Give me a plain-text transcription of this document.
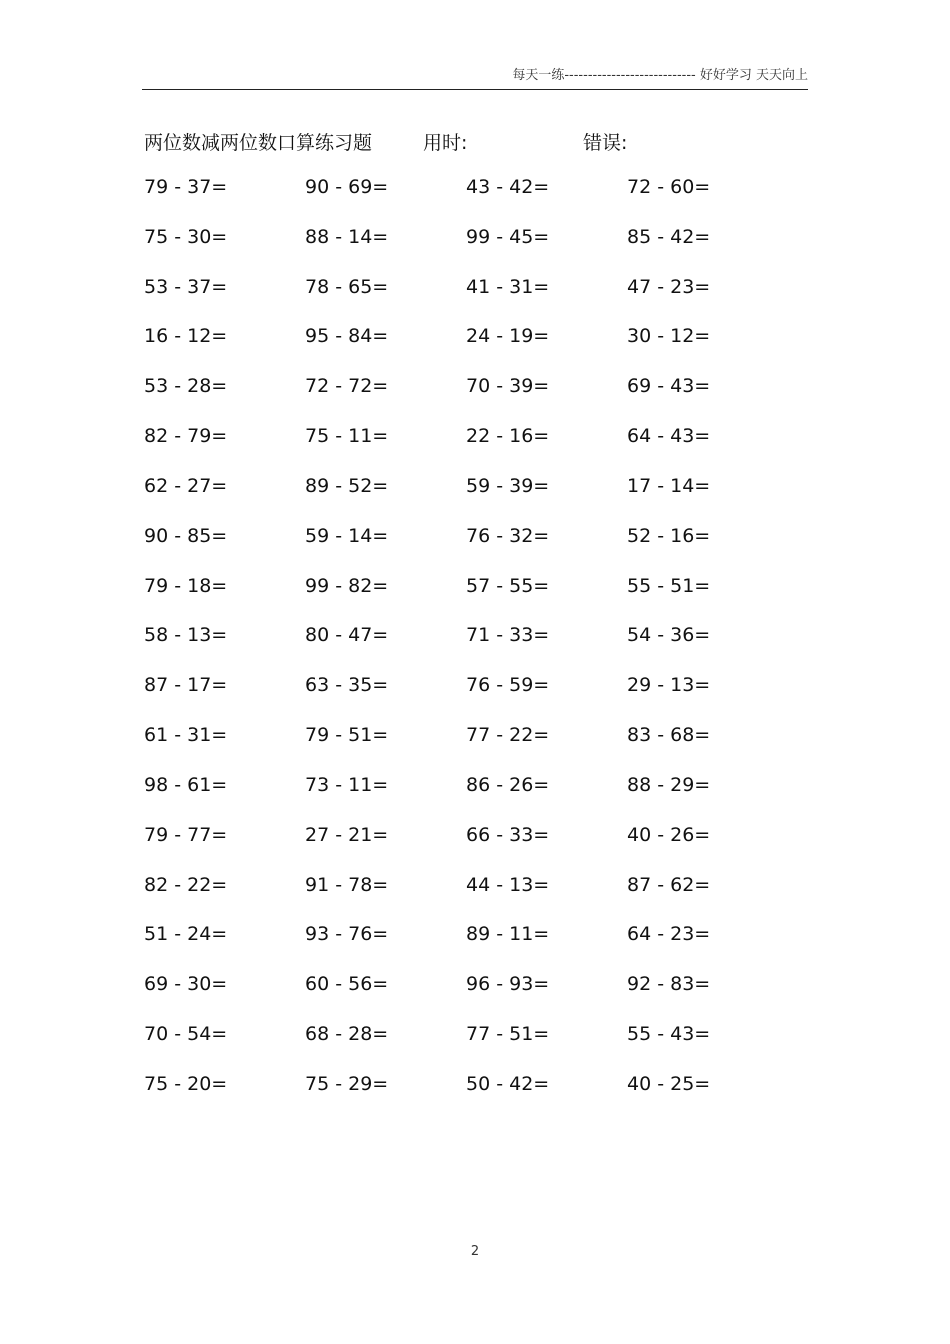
每天一练---------------------------- 好好学习 天天向上
两位数减两位数口算练习题	用时:	错误:
79 - 37=	90 - 69=	43 - 42=	72 - 60=
75 - 30=	88 - 14=	99 - 45=	85 - 42=
53 - 37=	78 - 65=	41 - 31=	47 - 23=
16 - 12=	95 - 84=	24 - 19=	30 - 12=
53 - 28=	72 - 72=	70 - 39=	69 - 43=
82 - 79=	75 - 11=	22 - 16=	64 - 43=
62 - 27=	89 - 52=	59 - 39=	17 - 14=
90 - 85=	59 - 14=	76 - 32=	52 - 16=
79 - 18=	99 - 82=	57 - 55=	55 - 51=
58 - 13=	80 - 47=	71 - 33=	54 - 36=
87 - 17=	63 - 35=	76 - 59=	29 - 13=
61 - 31=	79 - 51=	77 - 22=	83 - 68=
98 - 61=	73 - 11=	86 - 26=	88 - 29=
79 - 77=	27 - 21=	66 - 33=	40 - 26=
82 - 22=	91 - 78=	44 - 13=	87 - 62=
51 - 24=	93 - 76=	89 - 11=	64 - 23=
69 - 30=	60 - 56=	96 - 93=	92 - 83=
70 - 54=	68 - 28=	77 - 51=	55 - 43=
75 - 20=	75 - 29=	50 - 42=	40 - 25=
2
